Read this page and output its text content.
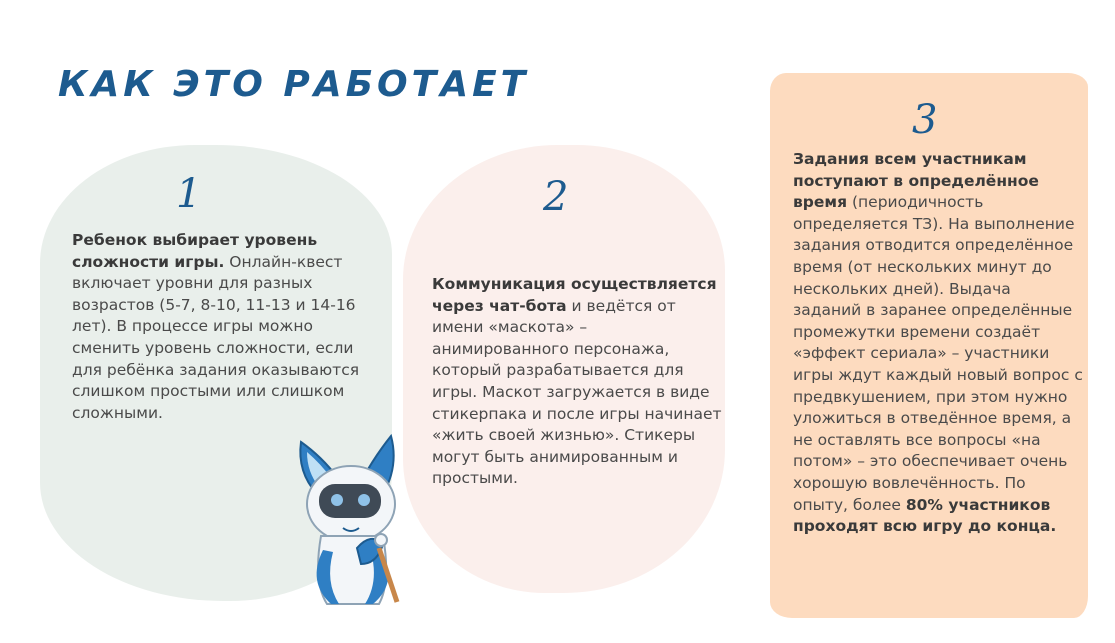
КАК ЭТО РАБОТАЕТ
1	2
3
Ребенок выбирает уровень сложности игры. Онлайн-квест включает уровни для разных возрастов (5-7, 8-10, 11-13 и 14-16 лет). В процессе игры можно сменить уровень сложности, если для ребёнка задания оказываются слишком простыми или слишком сложными.
Коммуникация осуществляется через чат-бота и ведётся от имени «маскота» – анимированного персонажа, который разрабатывается для игры. Маскот загружается в виде стикерпака и после игры начинает «жить своей жизнью». Стикеры могут быть анимированным и простыми.
Задания всем участникам поступают в определённое время (периодичность определяется ТЗ). На выполнение задания отводится определённое время (от нескольких минут до нескольких дней). Выдача заданий в заранее определённые промежутки времени создаёт «эффект сериала» – участники игры ждут каждый новый вопрос с предвкушением, при этом нужно уложиться в отведённое время, а не оставлять все вопросы «на потом» – это обеспечивает очень хорошую вовлечённость. По опыту, более 80% участников проходят всю игру до конца.
